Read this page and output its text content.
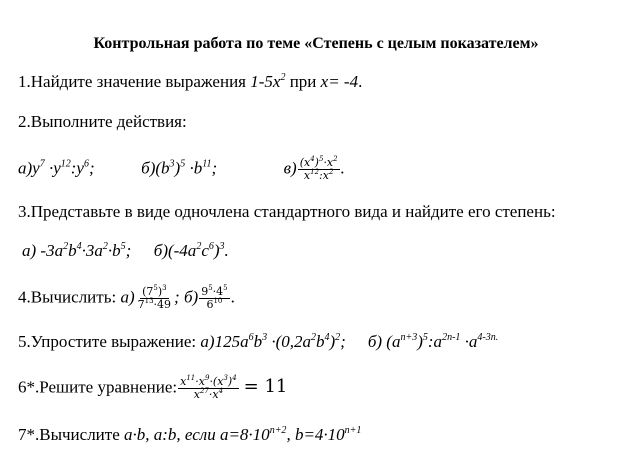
Контрольная работа по теме «Степень с целым показателем»
1.Найдите значение выражения $1-5x^2$ при x= -4.
2.Выполните действия:
$а)y^7$ $\cdot y^{12}:y^6$;	$б)(b^3)^5 \cdot b^{11}$;	$в) \frac{(x^4)^5\cdot x^2}{x^{12}:x^2}$ .
3.Представьте в виде одночлена стандартного вида и найдите его степень:
а) $-3a^2b^4\cdot 3a^2\cdot b^5$; $б)(-4a^2c^6)^3$.
4.Вычислить: $а) \frac{(7^5)^3}{7^{13}\cdot 49}$ ; $б) \frac{9^5\cdot 4^5}{6^{10}}$ .
5.Упростите выражение: $а)125a^6b^3 \cdot(0,2a^2b^4)^2$; б) $(a^{n+3})^5:a^{2n-1} \cdot a^{4-3n.}$
6*.Решите уравнение: $\frac{x^{11}\cdot x^9\cdot(x^3)^4}{x^{27}\cdot x^4} = 11$
7*.Вычислите a·b, a:b, если $a=8\cdot 10^{n+2}$, $b=4\cdot 10^{n+1}$
